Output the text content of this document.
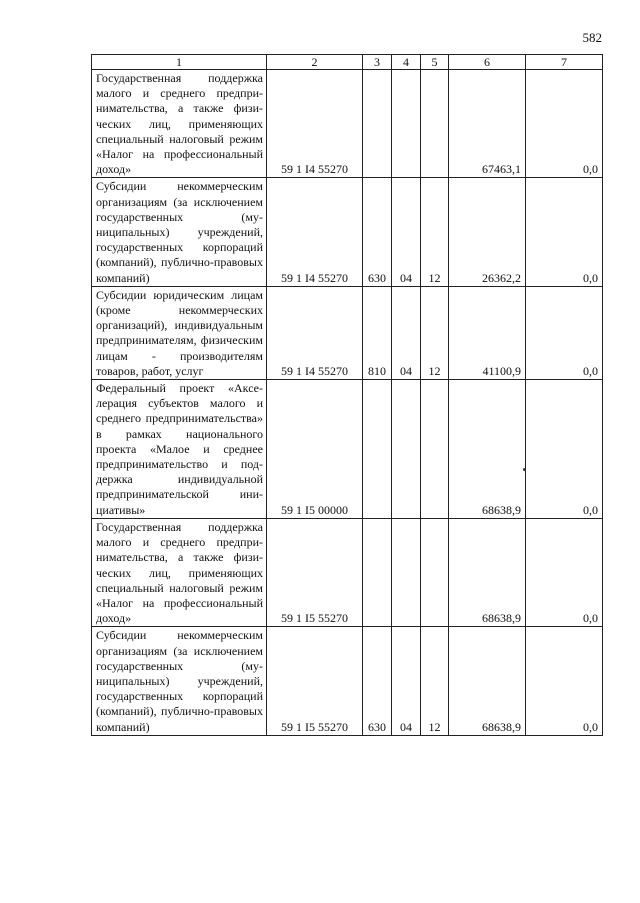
582
1	2	3	4	5	6	7
Государственная поддержка малого и среднего предпринимательства, а также физических лиц, применяющих специальный налоговый режим «Налог на профессиональный доход»	59 1 I4 55270				67463,1	0,0
Субсидии некоммерческим организациям (за исключением государственных (муниципальных) учреждений, государственных корпораций (компаний), публично-правовых компаний)	59 1 I4 55270	630	04	12	26362,2	0,0
Субсидии юридическим лицам (кроме некоммерческих организаций), индивидуальным предпринимателям, физическим лицам - производителям товаров, работ, услуг	59 1 I4 55270	810	04	12	41100,9	0,0
Федеральный проект «Акселерация субъектов малого и среднего предпринимательства» в рамках национального проекта «Малое и среднее предпринимательство и поддержка индивидуальной предпринимательской инициативы»	59 1 I5 00000				68638,9	0,0
Государственная поддержка малого и среднего предпринимательства, а также физических лиц, применяющих специальный налоговый режим «Налог на профессиональный доход»	59 1 I5 55270				68638,9	0,0
Субсидии некоммерческим организациям (за исключением государственных (муниципальных) учреждений, государственных корпораций (компаний), публично-правовых компаний)	59 1 I5 55270	630	04	12	68638,9	0,0
